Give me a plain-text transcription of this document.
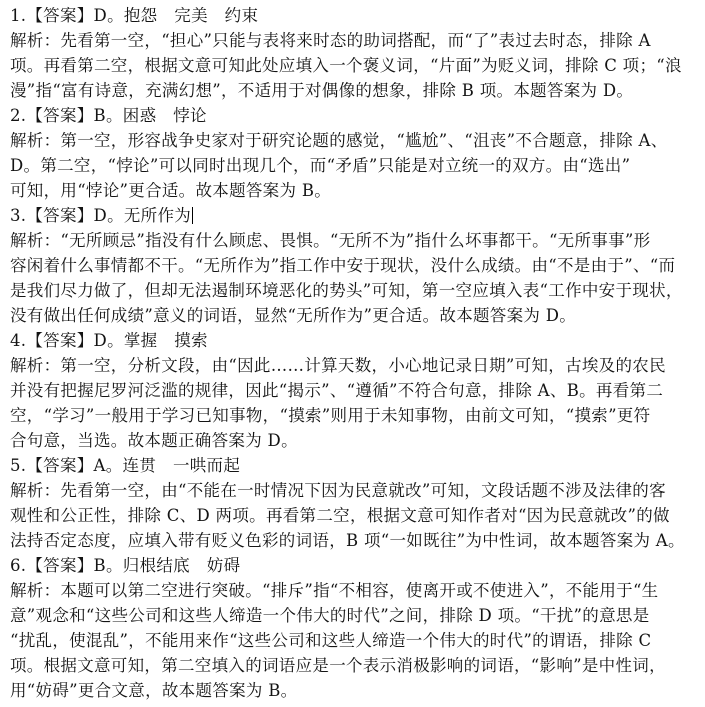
1.【答案】D。抱怨　完美　约束
解析：先看第一空，“担心”只能与表将来时态的助词搭配，而“了”表过去时态，排除 A
项。再看第二空，根据文意可知此处应填入一个褒义词，“片面”为贬义词，排除 C 项；“浪
漫”指“富有诗意，充满幻想”，不适用于对偶像的想象，排除 B 项。本题答案为 D。
2.【答案】B。困惑　悖论
解析：第一空，形容战争史家对于研究论题的感觉，“尴尬”、“沮丧”不合题意，排除 A、
D。第二空，“悖论”可以同时出现几个，而“矛盾”只能是对立统一的双方。由“选出”
可知，用“悖论”更合适。故本题答案为 B。
3.【答案】D。无所作为
解析：“无所顾忌”指没有什么顾虑、畏惧。“无所不为”指什么坏事都干。“无所事事”形
容闲着什么事情都不干。“无所作为”指工作中安于现状，没什么成绩。由“不是由于”、“而
是我们尽力做了，但却无法遏制环境恶化的势头”可知，第一空应填入表“工作中安于现状，
没有做出任何成绩”意义的词语，显然“无所作为”更合适。故本题答案为 D。
4.【答案】D。掌握　摸索
解析：第一空，分析文段，由“因此……计算天数，小心地记录日期”可知，古埃及的农民
并没有把握尼罗河泛滥的规律，因此“揭示”、“遵循”不符合句意，排除 A、B。再看第二
空，“学习”一般用于学习已知事物，“摸索”则用于未知事物，由前文可知，“摸索”更符
合句意，当选。故本题正确答案为 D。
5.【答案】A。连贯　一哄而起
解析：先看第一空，由“不能在一时情况下因为民意就改”可知，文段话题不涉及法律的客
观性和公正性，排除 C、D 两项。再看第二空，根据文意可知作者对“因为民意就改”的做
法持否定态度，应填入带有贬义色彩的词语，B 项“一如既往”为中性词，故本题答案为 A。
6.【答案】B。归根结底　妨碍
解析：本题可以第二空进行突破。“排斥”指“不相容，使离开或不使进入”，不能用于“生
意”观念和“这些公司和这些人缔造一个伟大的时代”之间，排除 D 项。“干扰”的意思是
“扰乱，使混乱”，不能用来作“这些公司和这些人缔造一个伟大的时代”的谓语，排除 C
项。根据文意可知，第二空填入的词语应是一个表示消极影响的词语，“影响”是中性词，
用“妨碍”更合文意，故本题答案为 B。
